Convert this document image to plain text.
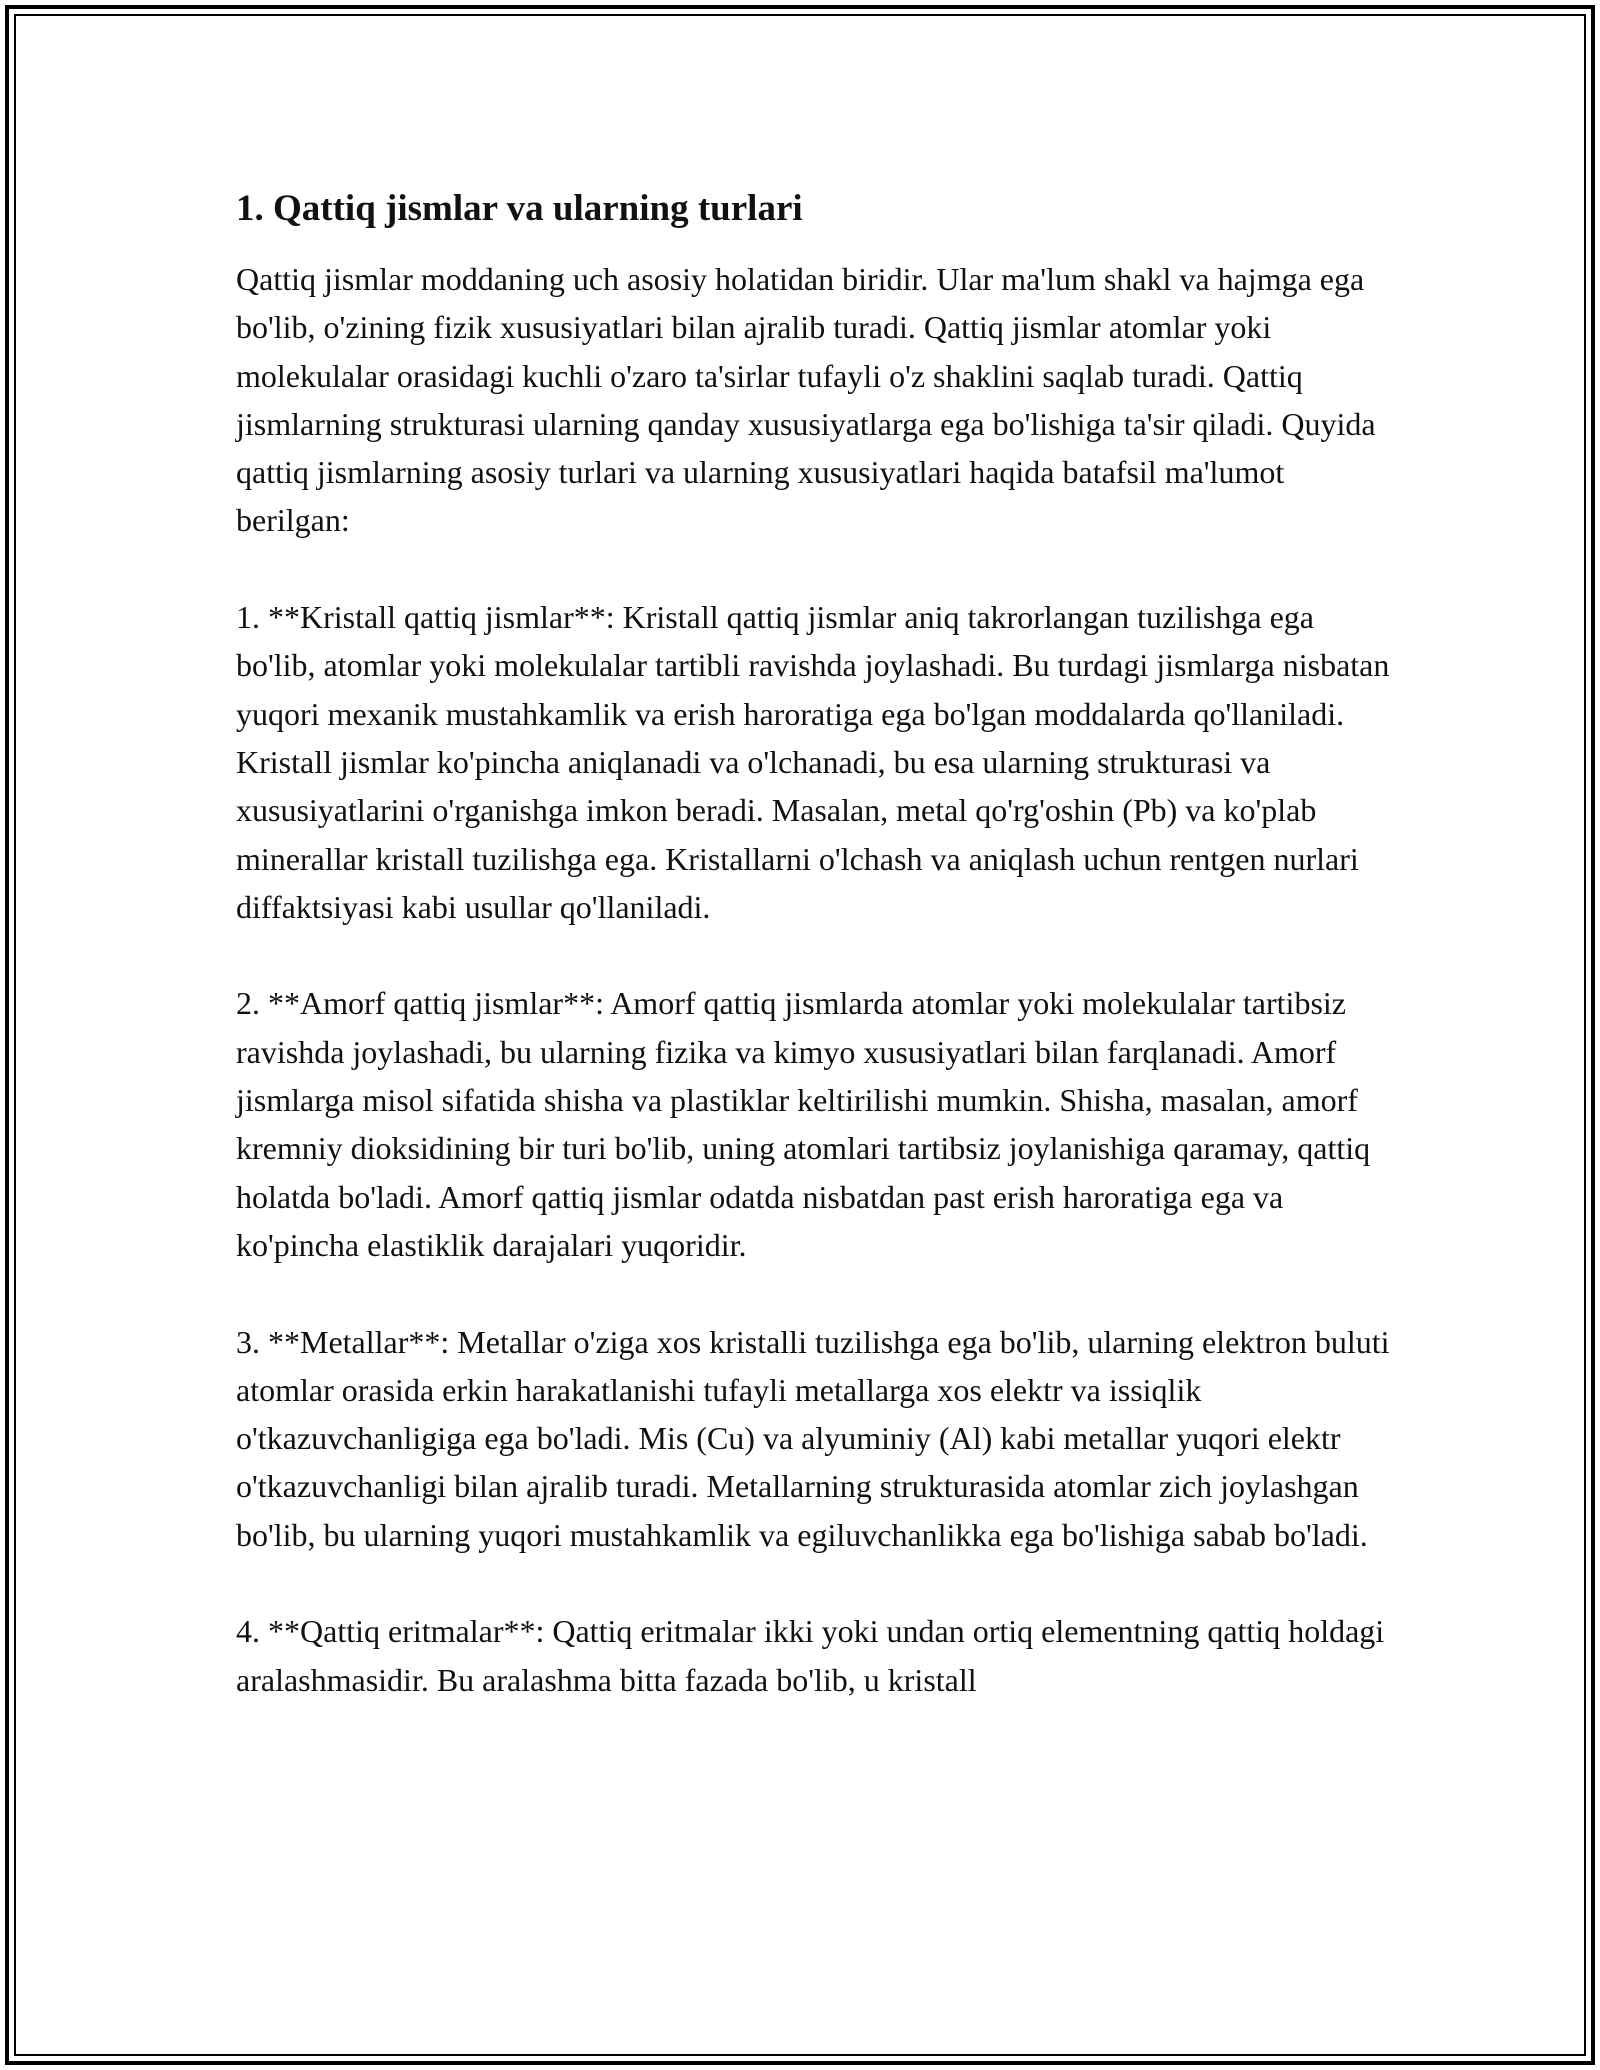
1. Qattiq jismlar va ularning turlari

Qattiq jismlar moddaning uch asosiy holatidan biridir. Ular ma'lum shakl va hajmga ega bo'lib, o'zining fizik xususiyatlari bilan ajralib turadi. Qattiq jismlar atomlar yoki molekulalar orasidagi kuchli o'zaro ta'sirlar tufayli o'z shaklini saqlab turadi. Qattiq jismlarning strukturasi ularning qanday xususiyatlarga ega bo'lishiga ta'sir qiladi. Quyida qattiq jismlarning asosiy turlari va ularning xususiyatlari haqida batafsil ma'lumot berilgan:

1. **Kristall qattiq jismlar**: Kristall qattiq jismlar aniq takrorlangan tuzilishga ega bo'lib, atomlar yoki molekulalar tartibli ravishda joylashadi. Bu turdagi jismlarga nisbatan yuqori mexanik mustahkamlik va erish haroratiga ega bo'lgan moddalarda qo'llaniladi. Kristall jismlar ko'pincha aniqlanadi va o'lchanadi, bu esa ularning strukturasi va xususiyatlarini o'rganishga imkon beradi. Masalan, metal qo'rg'oshin (Pb) va ko'plab minerallar kristall tuzilishga ega. Kristallarni o'lchash va aniqlash uchun rentgen nurlari diffaktsiyasi kabi usullar qo'llaniladi.

2. **Amorf qattiq jismlar**: Amorf qattiq jismlarda atomlar yoki molekulalar tartibsiz ravishda joylashadi, bu ularning fizika va kimyo xususiyatlari bilan farqlanadi. Amorf jismlarga misol sifatida shisha va plastiklar keltirilishi mumkin. Shisha, masalan, amorf kremniy dioksidining bir turi bo'lib, uning atomlari tartibsiz joylanishiga qaramay, qattiq holatda bo'ladi. Amorf qattiq jismlar odatda nisbatdan past erish haroratiga ega va ko'pincha elastiklik darajalari yuqoridir.

3. **Metallar**: Metallar o'ziga xos kristalli tuzilishga ega bo'lib, ularning elektron buluti atomlar orasida erkin harakatlanishi tufayli metallarga xos elektr va issiqlik o'tkazuvchanligiga ega bo'ladi. Mis (Cu) va alyuminiy (Al) kabi metallar yuqori elektr o'tkazuvchanligi bilan ajralib turadi. Metallarning strukturasida atomlar zich joylashgan bo'lib, bu ularning yuqori mustahkamlik va egiluvchanlikka ega bo'lishiga sabab bo'ladi.

4. **Qattiq eritmalar**: Qattiq eritmalar ikki yoki undan ortiq elementning qattiq holdagi aralashmasidir. Bu aralashma bitta fazada bo'lib, u kristall
